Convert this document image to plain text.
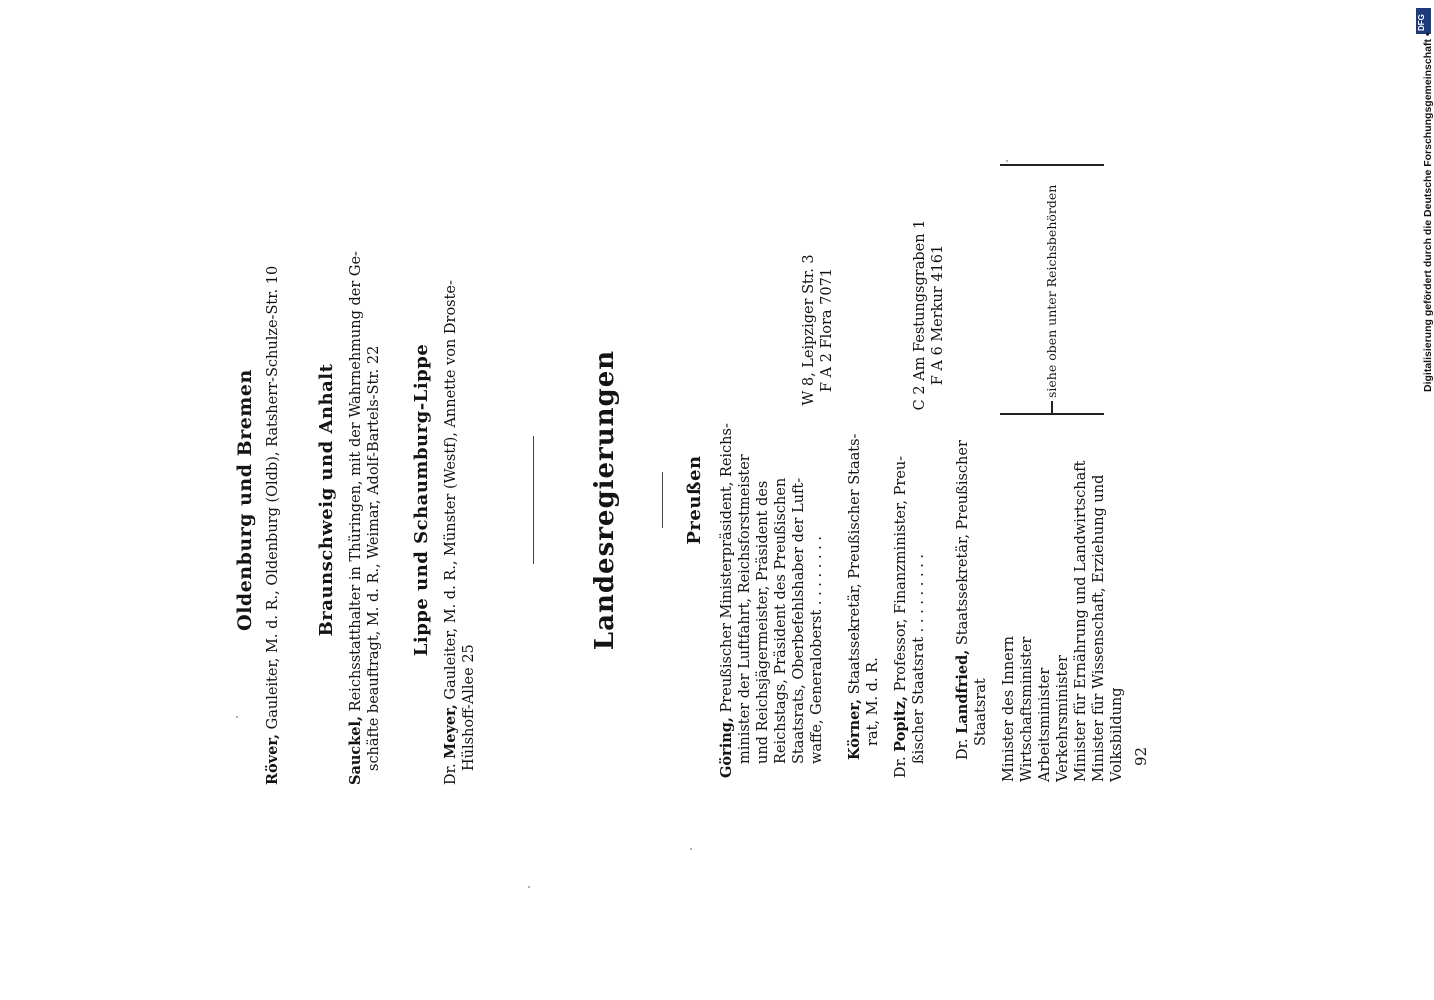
Oldenburg und Bremen
Röver, Gauleiter, M. d. R., Oldenburg (Oldb), Ratsherr-Schulze-Str. 10 Braunschweig und Anhalt
Sauckel, Reichsstatthalter in Thüringen, mit der Wahrnehmung der Ge- schäfte beauftragt, M. d. R., Weimar, Adolf-Bartels-Str. 22 Lippe und Schaumburg-Lippe
Dr. Meyer, Gauleiter, M. d. R., Münster (Westf), Annette von Droste-
Hülshoff-Allee 25
Landesregierungen	Preußen
Göring, Preußischer Ministerpräsident, Reichs- minister der Luftfahrt, Reichsforstmeister und Reichsjägermeister, Präsident des Reichstags, Präsident des Preußischen Staatsrats, Oberbefehlshaber der Luft- waffe, Generaloberst . . . . . . . .
W 8, Leipziger Str. 3 F A 2 Flora 7071
Körner, Staatssekretär, Preußischer Staats-
rat, M. d. R.
Dr. Popitz, Professor, Finanzminister, Preu- ßischer Staatsrat . . . . . . . . .
C 2 Am Festungsgraben 1 F A 6 Merkur 4161
Dr. Landfried, Staatssekretär, Preußischer
Staatsrat Minister des Innern Wirtschaftsminister Arbeitsminister Verkehrsminister Minister für Ernährung und Landwirtschaft Minister für Wissenschaft, Erziehung und Volksbildung
siehe oben unter Reichsbehörden
92
DFG
Digitalisierung gefördert durch die Deutsche Forschungsgemeinschaft •
